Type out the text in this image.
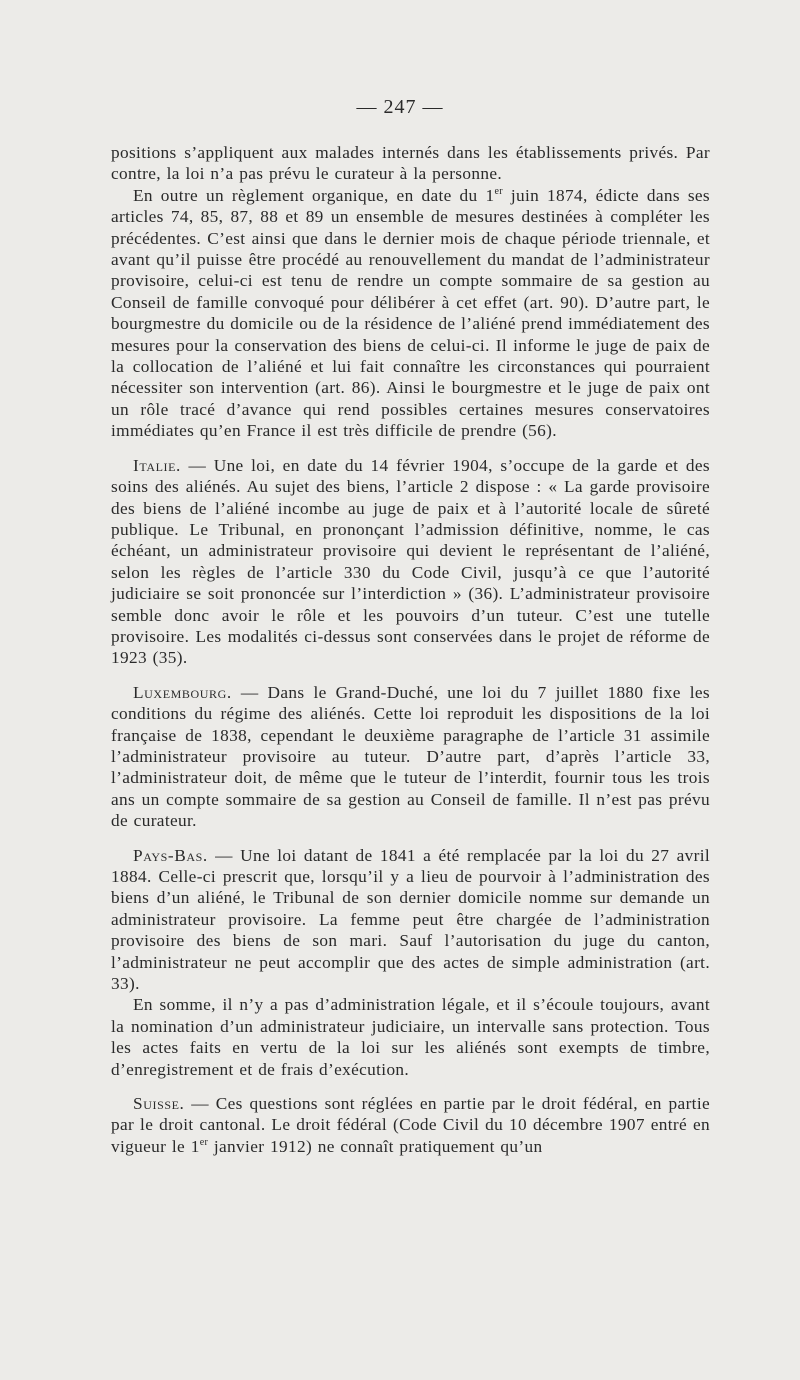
— 247 —

positions s’appliquent aux malades internés dans les établissements privés. Par contre, la loi n’a pas prévu le curateur à la personne.

En outre un règlement organique, en date du 1er juin 1874, édicte dans ses articles 74, 85, 87, 88 et 89 un ensemble de mesures destinées à compléter les précédentes. C’est ainsi que dans le dernier mois de chaque période triennale, et avant qu’il puisse être procédé au renouvellement du mandat de l’administrateur provisoire, celui-ci est tenu de rendre un compte sommaire de sa gestion au Conseil de famille convoqué pour délibérer à cet effet (art. 90). D’autre part, le bourgmestre du domicile ou de la résidence de l’aliéné prend immédiatement des mesures pour la conservation des biens de celui-ci. Il informe le juge de paix de la collocation de l’aliéné et lui fait connaître les circonstances qui pourraient nécessiter son intervention (art. 86). Ainsi le bourgmestre et le juge de paix ont un rôle tracé d’avance qui rend possibles certaines mesures conservatoires immédiates qu’en France il est très difficile de prendre (56).

Italie. — Une loi, en date du 14 février 1904, s’occupe de la garde et des soins des aliénés. Au sujet des biens, l’article 2 dispose : « La garde provisoire des biens de l’aliéné incombe au juge de paix et à l’autorité locale de sûreté publique. Le Tribunal, en prononçant l’admission définitive, nomme, le cas échéant, un administrateur provisoire qui devient le représentant de l’aliéné, selon les règles de l’article 330 du Code Civil, jusqu’à ce que l’autorité judiciaire se soit prononcée sur l’interdiction » (36). L’administrateur provisoire semble donc avoir le rôle et les pouvoirs d’un tuteur. C’est une tutelle provisoire. Les modalités ci-dessus sont conservées dans le projet de réforme de 1923 (35).

Luxembourg. — Dans le Grand-Duché, une loi du 7 juillet 1880 fixe les conditions du régime des aliénés. Cette loi reproduit les dispositions de la loi française de 1838, cependant le deuxième paragraphe de l’article 31 assimile l’administrateur provisoire au tuteur. D’autre part, d’après l’article 33, l’administrateur doit, de même que le tuteur de l’interdit, fournir tous les trois ans un compte sommaire de sa gestion au Conseil de famille. Il n’est pas prévu de curateur.

Pays-Bas. — Une loi datant de 1841 a été remplacée par la loi du 27 avril 1884. Celle-ci prescrit que, lorsqu’il y a lieu de pourvoir à l’administration des biens d’un aliéné, le Tribunal de son dernier domicile nomme sur demande un administrateur provisoire. La femme peut être chargée de l’administration provisoire des biens de son mari. Sauf l’autorisation du juge du canton, l’administrateur ne peut accomplir que des actes de simple administration (art. 33).

En somme, il n’y a pas d’administration légale, et il s’écoule toujours, avant la nomination d’un administrateur judiciaire, un intervalle sans protection. Tous les actes faits en vertu de la loi sur les aliénés sont exempts de timbre, d’enregistrement et de frais d’exécution.

Suisse. — Ces questions sont réglées en partie par le droit fédéral, en partie par le droit cantonal. Le droit fédéral (Code Civil du 10 décembre 1907 entré en vigueur le 1er janvier 1912) ne connaît pratiquement qu’un
